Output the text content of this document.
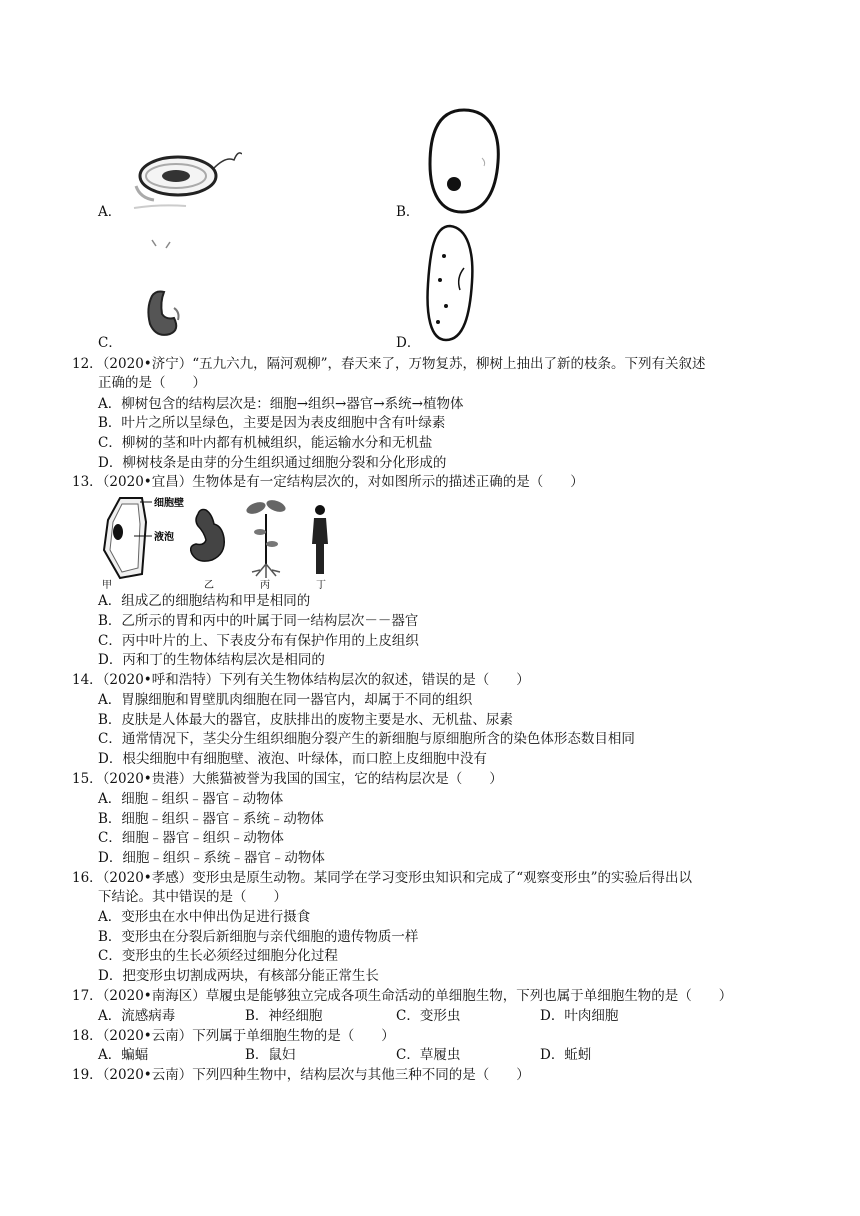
A．	B．
C．	D．
12．（2020•济宁）“五九六九，隔河观柳”，春天来了，万物复苏，柳树上抽出了新的枝条。下列有关叙述
正确的是（　　）
A．柳树包含的结构层次是：细胞→组织→器官→系统→植物体
B．叶片之所以呈绿色，主要是因为表皮细胞中含有叶绿素
C．柳树的茎和叶内都有机械组织，能运输水分和无机盐
D．柳树枝条是由芽的分生组织通过细胞分裂和分化形成的
13．（2020•宜昌）生物体是有一定结构层次的，对如图所示的描述正确的是（　　）
细胞壁
液泡
甲	乙	丙	丁
A．组成乙的细胞结构和甲是相同的
B．乙所示的胃和丙中的叶属于同一结构层次－－器官
C．丙中叶片的上、下表皮分布有保护作用的上皮组织
D．丙和丁的生物体结构层次是相同的
14．（2020•呼和浩特）下列有关生物体结构层次的叙述，错误的是（　　）
A．胃腺细胞和胃壁肌肉细胞在同一器官内，却属于不同的组织
B．皮肤是人体最大的器官，皮肤排出的废物主要是水、无机盐、尿素
C．通常情况下，茎尖分生组织细胞分裂产生的新细胞与原细胞所含的染色体形态数目相同
D．根尖细胞中有细胞壁、液泡、叶绿体，而口腔上皮细胞中没有
15．（2020•贵港）大熊猫被誉为我国的国宝，它的结构层次是（　　）
A．细胞﹣组织﹣器官﹣动物体
B．细胞﹣组织﹣器官﹣系统﹣动物体
C．细胞﹣器官﹣组织﹣动物体
D．细胞﹣组织﹣系统﹣器官﹣动物体
16．（2020•孝感）变形虫是原生动物。某同学在学习变形虫知识和完成了“观察变形虫”的实验后得出以
下结论。其中错误的是（　　）
A．变形虫在水中伸出伪足进行摄食
B．变形虫在分裂后新细胞与亲代细胞的遗传物质一样
C．变形虫的生长必须经过细胞分化过程
D．把变形虫切割成两块，有核部分能正常生长
17．（2020•南海区）草履虫是能够独立完成各项生命活动的单细胞生物，下列也属于单细胞生物的是（　　）
A．流感病毒	B．神经细胞	C．变形虫	D．叶肉细胞
18．（2020•云南）下列属于单细胞生物的是（　　）
A．蝙蝠	B．鼠妇	C．草履虫	D．蚯蚓
19．（2020•云南）下列四种生物中，结构层次与其他三种不同的是（　　）
